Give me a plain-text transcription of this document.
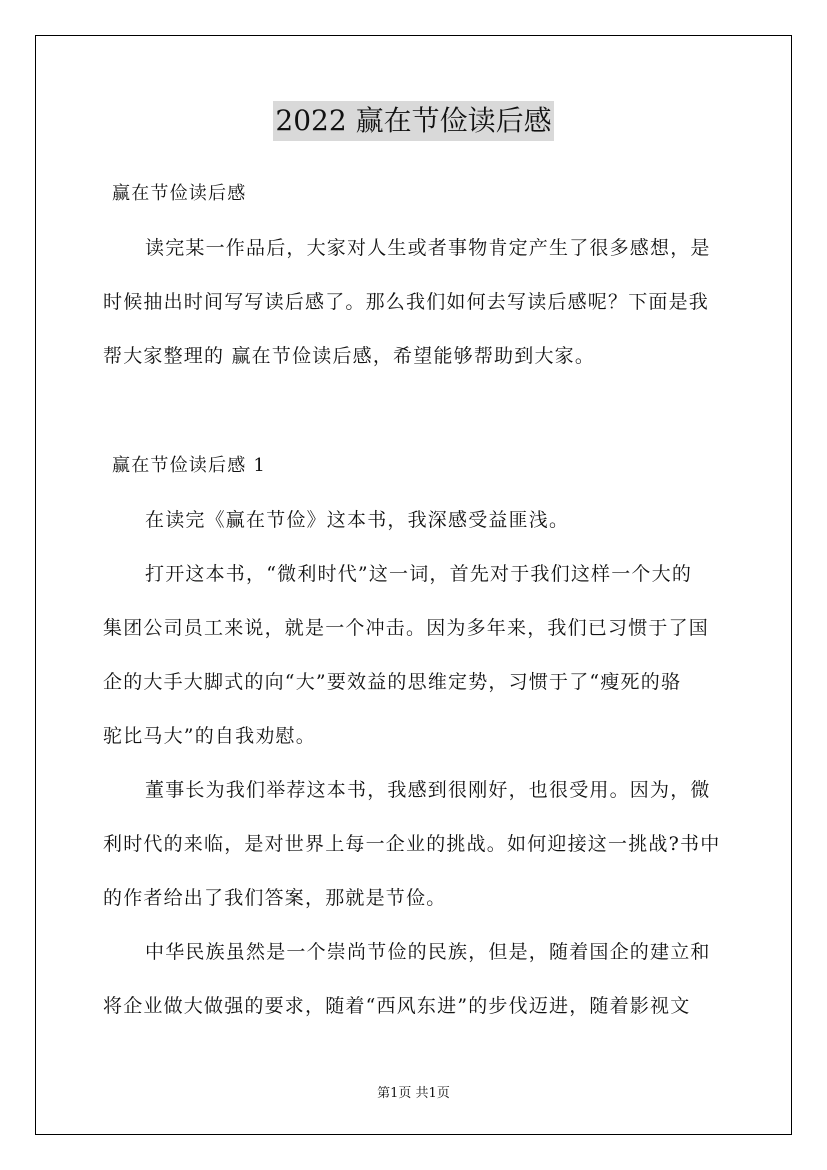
2022 赢在节俭读后感
赢在节俭读后感
读完某一作品后，大家对人生或者事物肯定产生了很多感想，是
时候抽出时间写写读后感了。那么我们如何去写读后感呢？下面是我
帮大家整理的 赢在节俭读后感，希望能够帮助到大家。
赢在节俭读后感 1
在读完《赢在节俭》这本书，我深感受益匪浅。
打开这本书，“微利时代”这一词，首先对于我们这样一个大的
集团公司员工来说，就是一个冲击。因为多年来，我们已习惯于了国
企的大手大脚式的向“大”要效益的思维定势，习惯于了“瘦死的骆
驼比马大”的自我劝慰。
董事长为我们举荐这本书，我感到很刚好，也很受用。因为，微
利时代的来临，是对世界上每一企业的挑战。如何迎接这一挑战?书中
的作者给出了我们答案，那就是节俭。
中华民族虽然是一个崇尚节俭的民族，但是，随着国企的建立和
将企业做大做强的要求，随着“西风东进”的步伐迈进，随着影视文
第1页 共1页
